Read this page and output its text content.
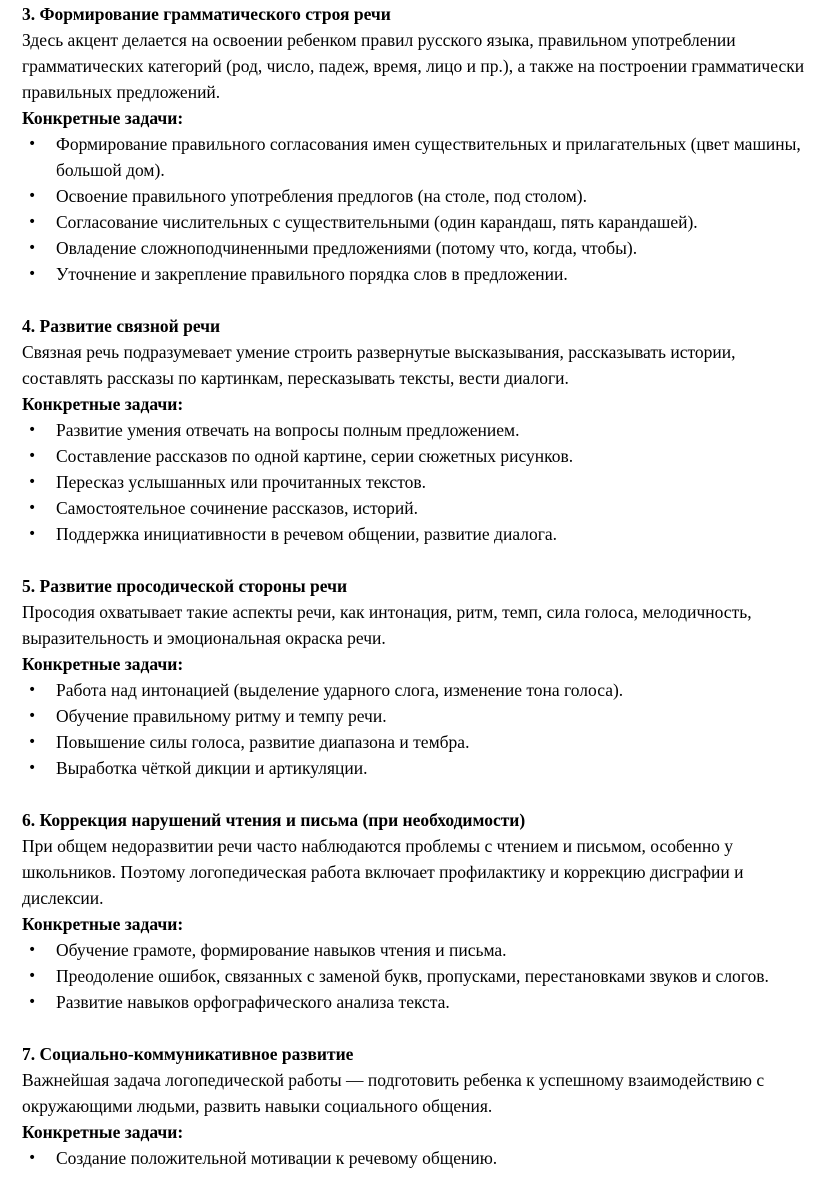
3. Формирование грамматического строя речи

Здесь акцент делается на освоении ребенком правил русского языка, правильном употреблении грамматических категорий (род, число, падеж, время, лицо и пр.), а также на построении грамматически правильных предложений.

Конкретные задачи:

• Формирование правильного согласования имен существительных и прилагательных (цвет машины, большой дом).
• Освоение правильного употребления предлогов (на столе, под столом).
• Согласование числительных с существительными (один карандаш, пять карандашей).
• Овладение сложноподчиненными предложениями (потому что, когда, чтобы).
• Уточнение и закрепление правильного порядка слов в предложении.

4. Развитие связной речи

Связная речь подразумевает умение строить развернутые высказывания, рассказывать истории, составлять рассказы по картинкам, пересказывать тексты, вести диалоги.

Конкретные задачи:

• Развитие умения отвечать на вопросы полным предложением.
• Составление рассказов по одной картине, серии сюжетных рисунков.
• Пересказ услышанных или прочитанных текстов.
• Самостоятельное сочинение рассказов, историй.
• Поддержка инициативности в речевом общении, развитие диалога.

5. Развитие просодической стороны речи

Просодия охватывает такие аспекты речи, как интонация, ритм, темп, сила голоса, мелодичность, выразительность и эмоциональная окраска речи.

Конкретные задачи:

• Работа над интонацией (выделение ударного слога, изменение тона голоса).
• Обучение правильному ритму и темпу речи.
• Повышение силы голоса, развитие диапазона и тембра.
• Выработка чёткой дикции и артикуляции.

6. Коррекция нарушений чтения и письма (при необходимости)

При общем недоразвитии речи часто наблюдаются проблемы с чтением и письмом, особенно у школьников. Поэтому логопедическая работа включает профилактику и коррекцию дисграфии и дислексии.

Конкретные задачи:

• Обучение грамоте, формирование навыков чтения и письма.
• Преодоление ошибок, связанных с заменой букв, пропусками, перестановками звуков и слогов.
• Развитие навыков орфографического анализа текста.

7. Социально-коммуникативное развитие

Важнейшая задача логопедической работы — подготовить ребенка к успешному взаимодействию с окружающими людьми, развить навыки социального общения.

Конкретные задачи:

• Создание положительной мотивации к речевому общению.
